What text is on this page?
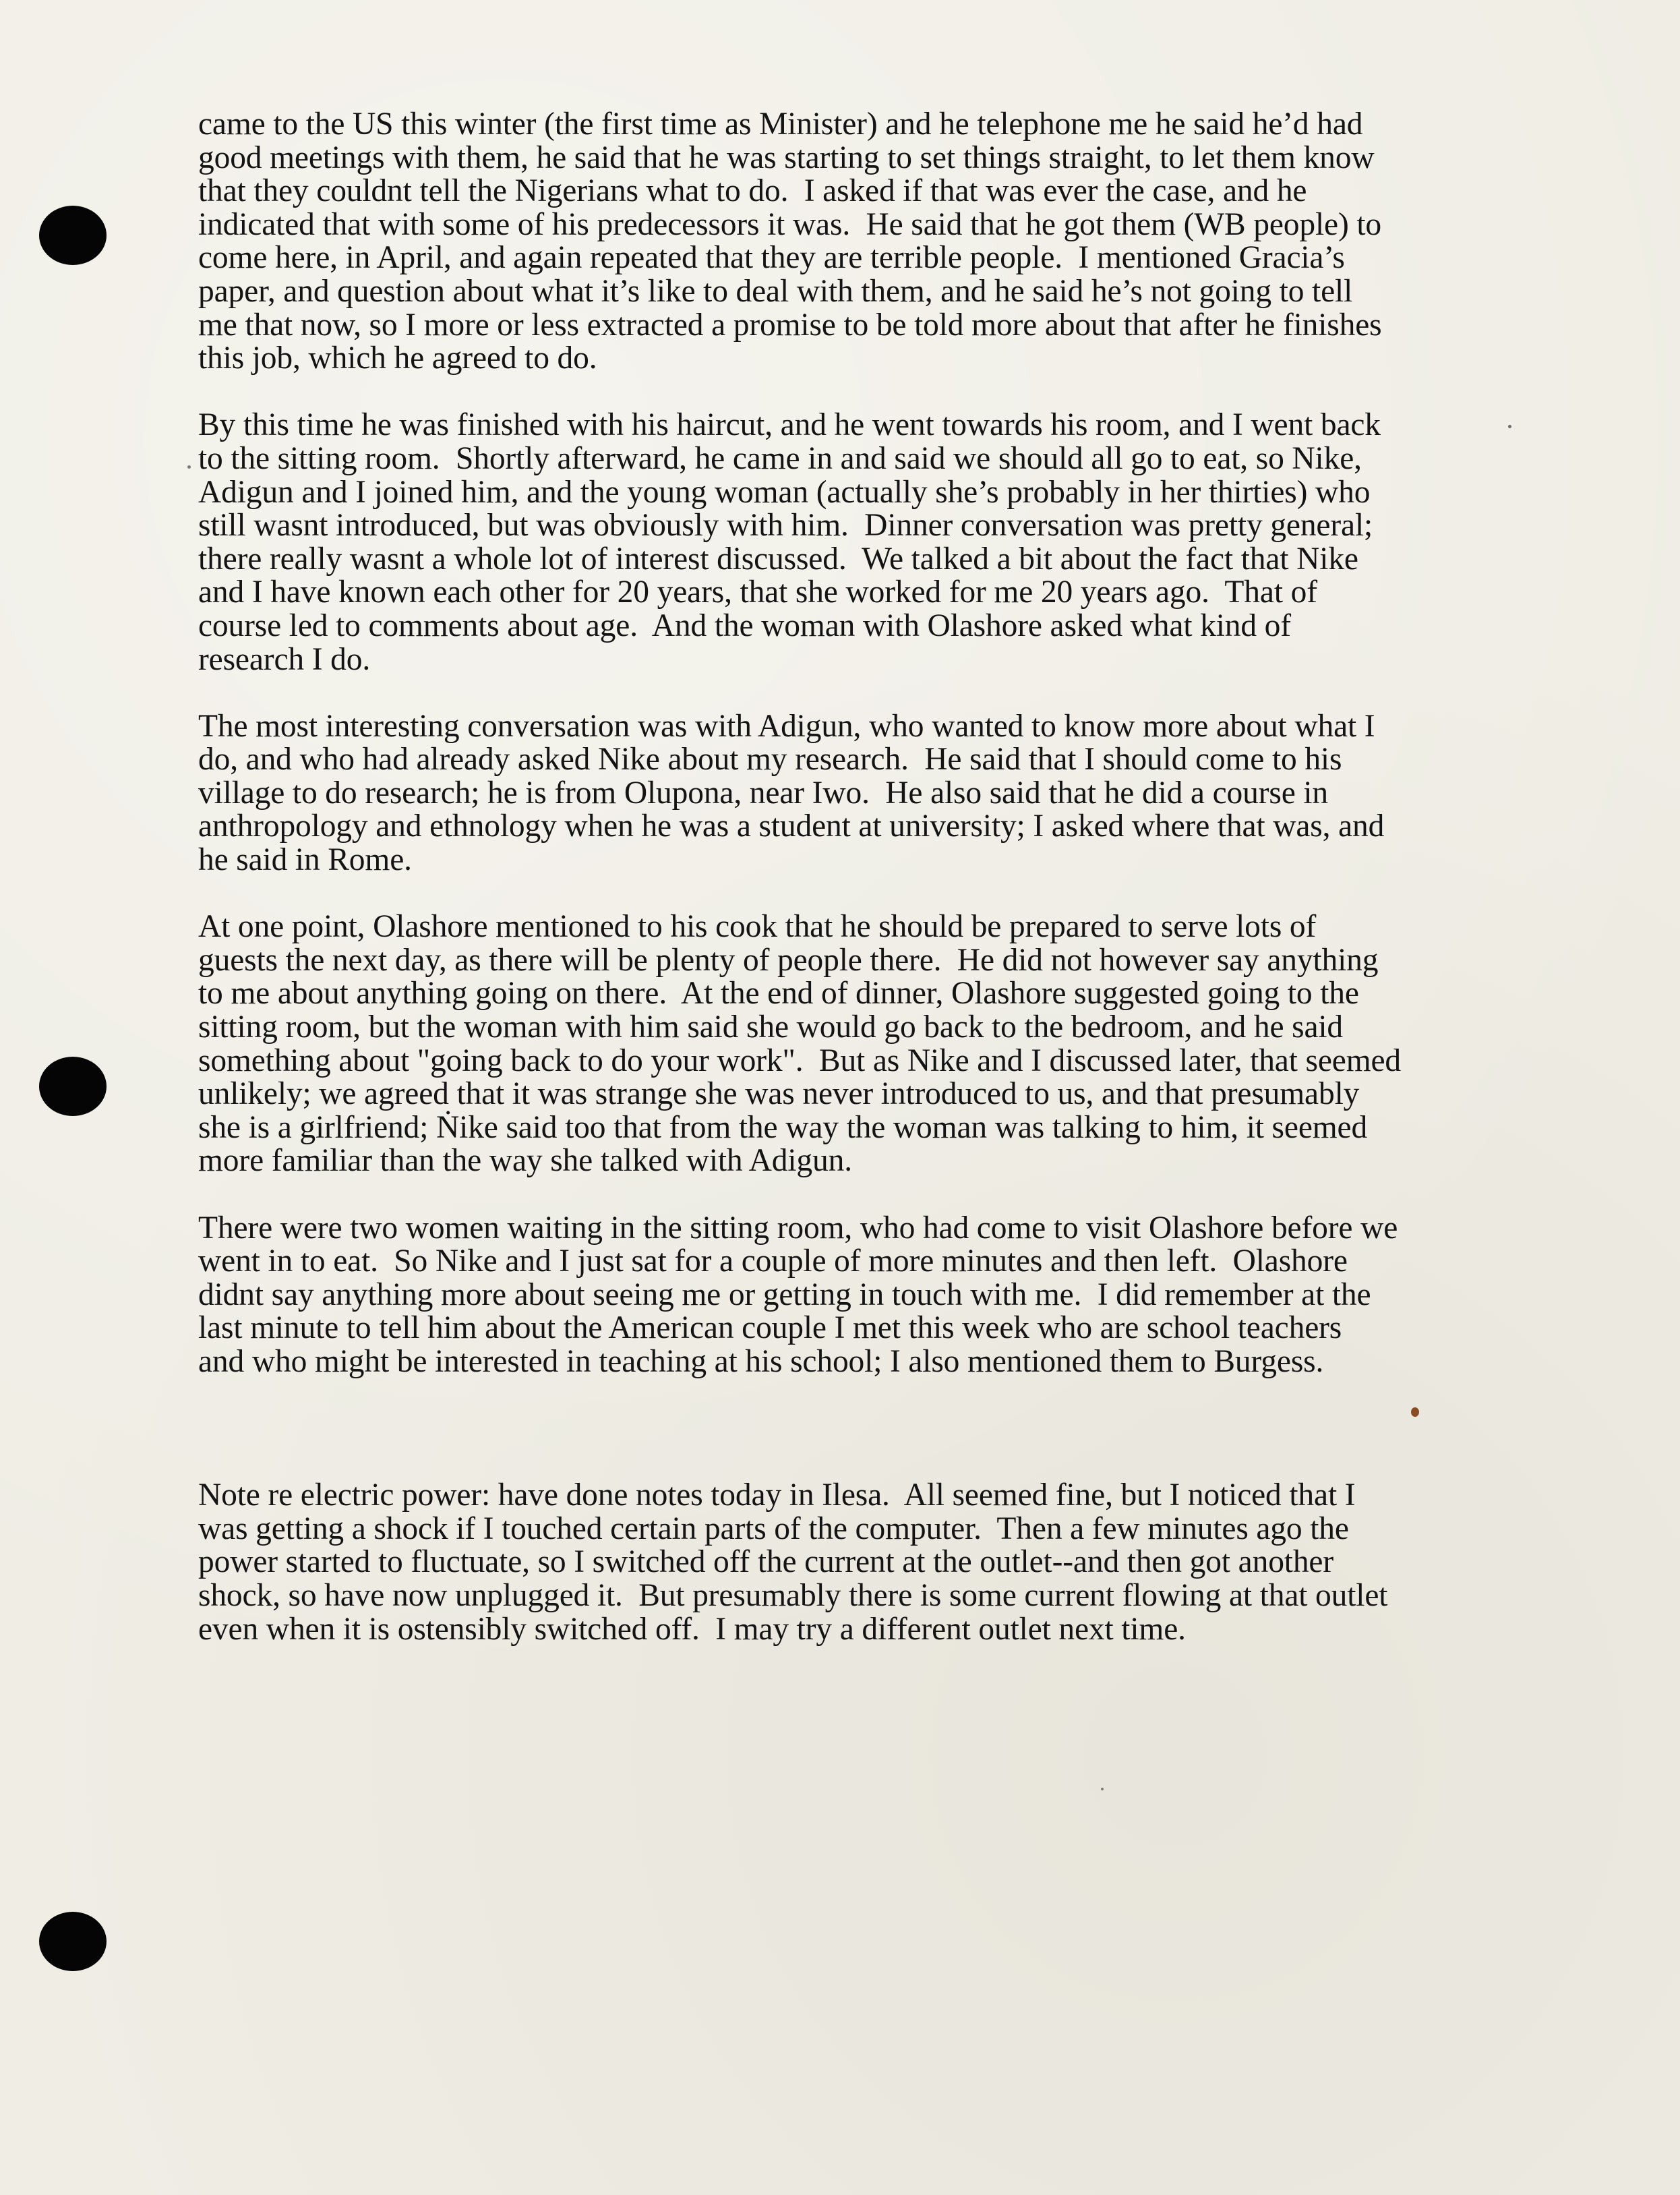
came to the US this winter (the first time as Minister) and he telephone me he said he’d had
good meetings with them, he said that he was starting to set things straight, to let them know
that they couldnt tell the Nigerians what to do.  I asked if that was ever the case, and he
indicated that with some of his predecessors it was.  He said that he got them (WB people) to
come here, in April, and again repeated that they are terrible people.  I mentioned Gracia’s
paper, and question about what it’s like to deal with them, and he said he’s not going to tell
me that now, so I more or less extracted a promise to be told more about that after he finishes
this job, which he agreed to do.
By this time he was finished with his haircut, and he went towards his room, and I went back
to the sitting room.  Shortly afterward, he came in and said we should all go to eat, so Nike,
Adigun and I joined him, and the young woman (actually she’s probably in her thirties) who
still wasnt introduced, but was obviously with him.  Dinner conversation was pretty general;
there really wasnt a whole lot of interest discussed.  We talked a bit about the fact that Nike
and I have known each other for 20 years, that she worked for me 20 years ago.  That of
course led to comments about age.  And the woman with Olashore asked what kind of
research I do.
The most interesting conversation was with Adigun, who wanted to know more about what I
do, and who had already asked Nike about my research.  He said that I should come to his
village to do research; he is from Olupona, near Iwo.  He also said that he did a course in
anthropology and ethnology when he was a student at university; I asked where that was, and
he said in Rome.
At one point, Olashore mentioned to his cook that he should be prepared to serve lots of
guests the next day, as there will be plenty of people there.  He did not however say anything
to me about anything going on there.  At the end of dinner, Olashore suggested going to the
sitting room, but the woman with him said she would go back to the bedroom, and he said
something about "going back to do your work".  But as Nike and I discussed later, that seemed
unlikely; we agreed that it was strange she was never introduced to us, and that presumably
she is a girlfriend; Ṅike said too that from the way the woman was talking to him, it seemed
more familiar than the way she talked with Adigun.
There were two women waiting in the sitting room, who had come to visit Olashore before we
went in to eat.  So Nike and I just sat for a couple of more minutes and then left.  Olashore
didnt say anything more about seeing me or getting in touch with me.  I did remember at the
last minute to tell him about the American couple I met this week who are school teachers
and who might be interested in teaching at his school; I also mentioned them to Burgess.
Note re electric power: have done notes today in Ilesa.  All seemed fine, but I noticed that I
was getting a shock if I touched certain parts of the computer.  Then a few minutes ago the
power started to fluctuate, so I switched off the current at the outlet--and then got another
shock, so have now unplugged it.  But presumably there is some current flowing at that outlet
even when it is ostensibly switched off.  I may try a different outlet next time.
